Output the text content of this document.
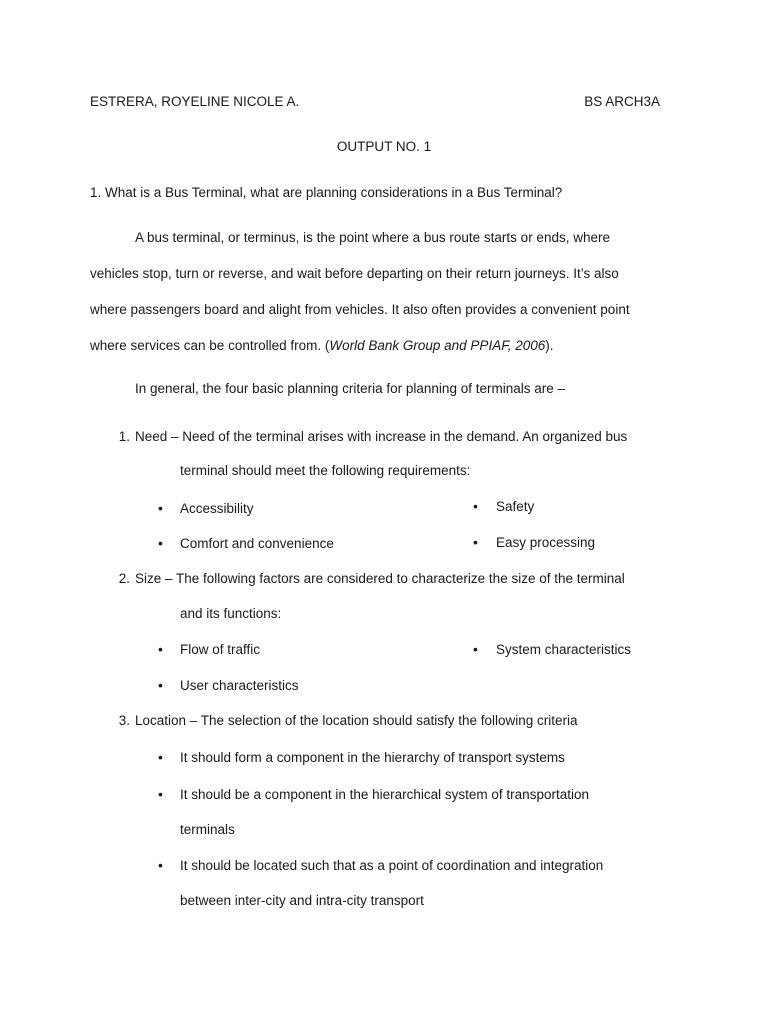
ESTRERA, ROYELINE NICOLE A.	BS ARCH3A
OUTPUT NO. 1
1. What is a Bus Terminal, what are planning considerations in a Bus Terminal?
A bus terminal, or terminus, is the point where a bus route starts or ends, where
vehicles stop, turn or reverse, and wait before departing on their return journeys. It’s also
where passengers board and alight from vehicles. It also often provides a convenient point
where services can be controlled from. (World Bank Group and PPIAF, 2006).
In general, the four basic planning criteria for planning of terminals are –
1. Need – Need of the terminal arises with increase in the demand. An organized bus
terminal should meet the following requirements:
• Accessibility	• Safety
• Comfort and convenience	• Easy processing
2. Size – The following factors are considered to characterize the size of the terminal
and its functions:
• Flow of traffic	• System characteristics
• User characteristics
3. Location – The selection of the location should satisfy the following criteria
• It should form a component in the hierarchy of transport systems
• It should be a component in the hierarchical system of transportation
terminals
• It should be located such that as a point of coordination and integration
between inter-city and intra-city transport
